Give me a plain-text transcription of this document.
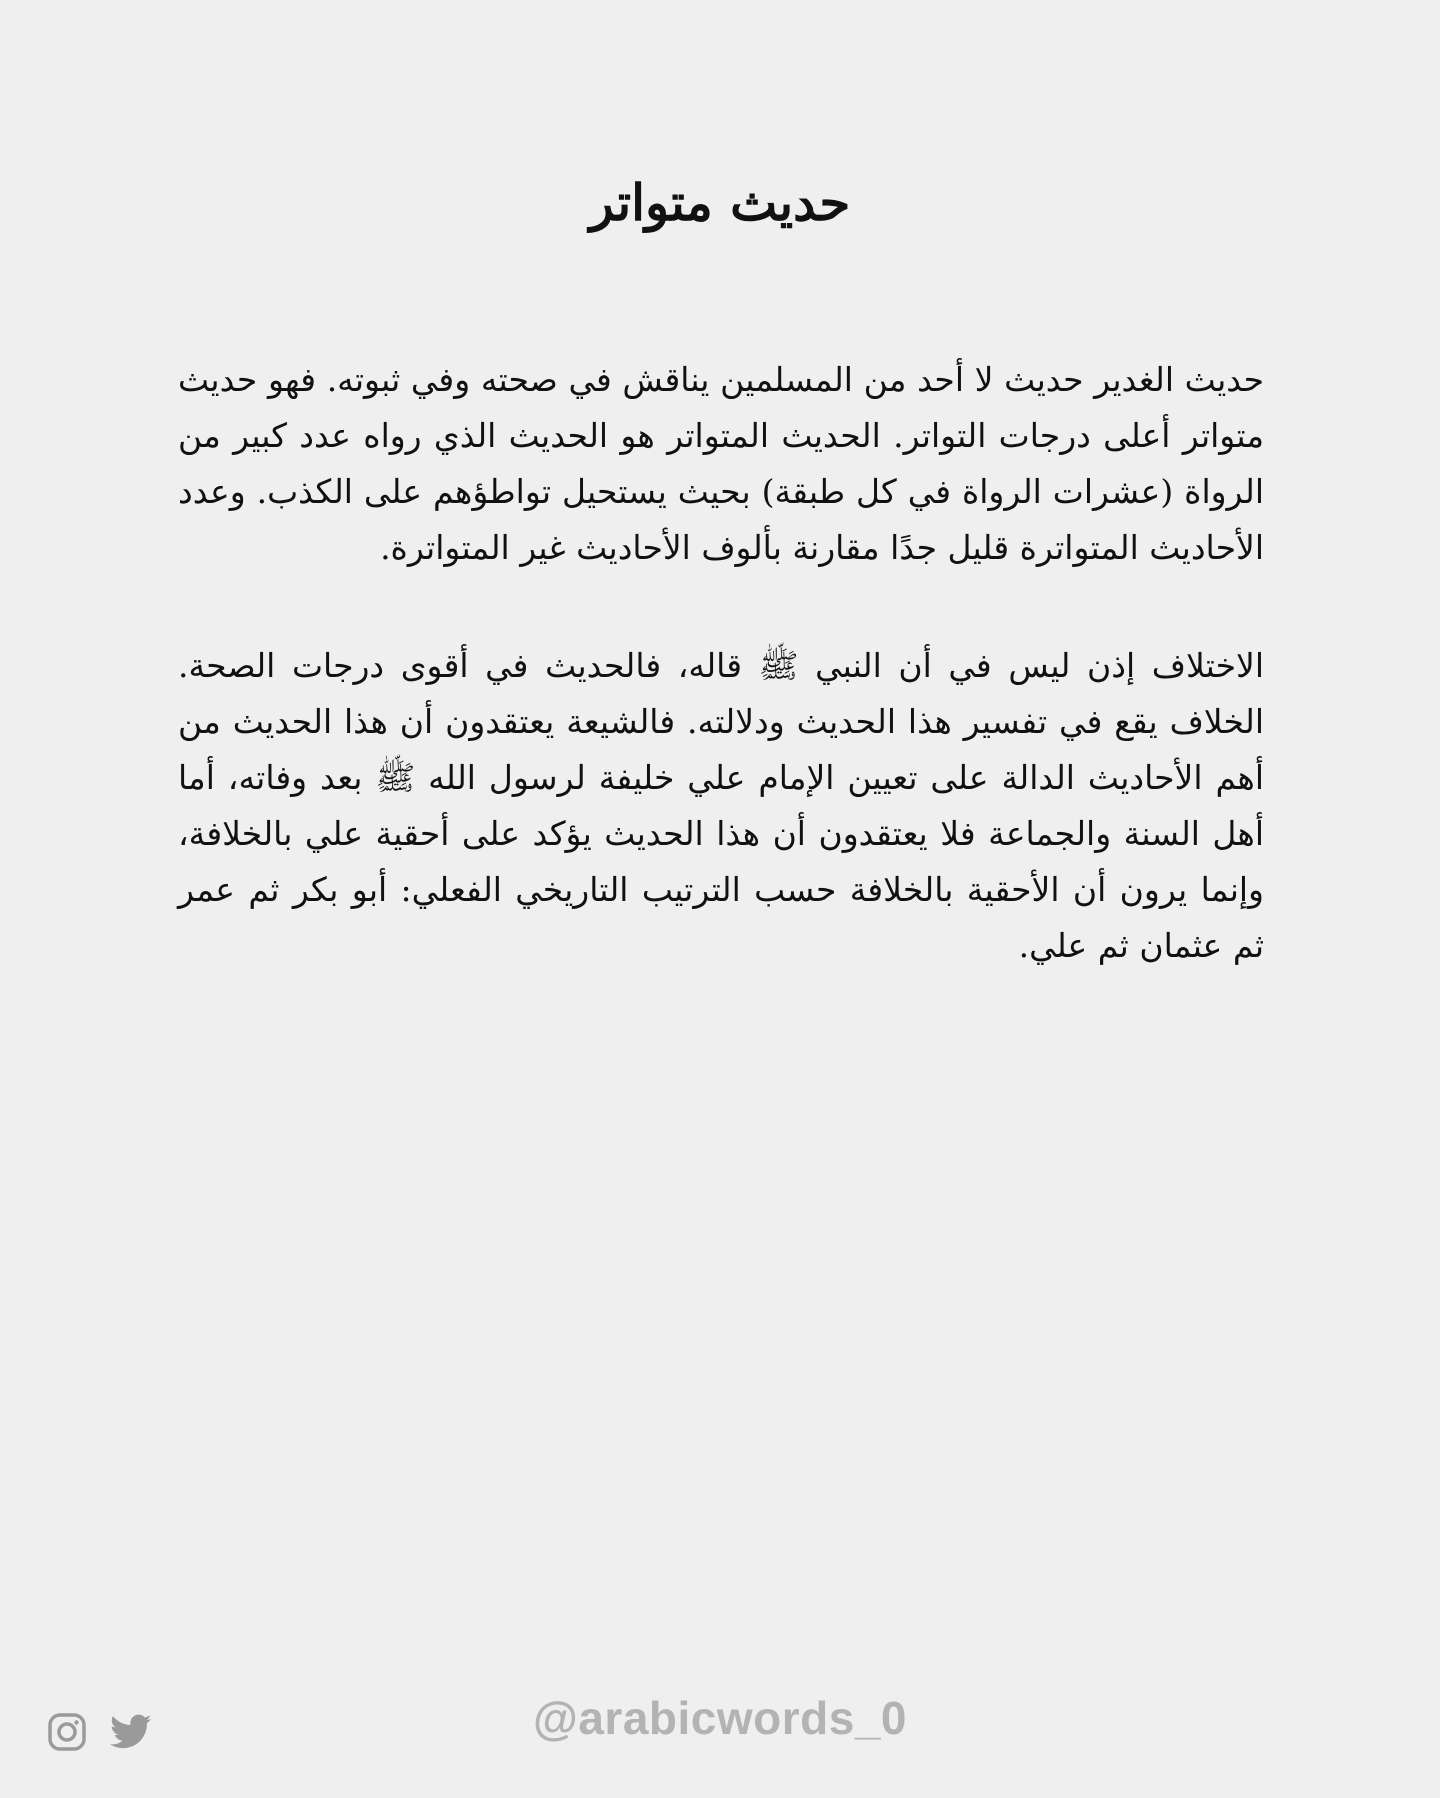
حديث متواتر

حديث الغدير حديث لا أحد من المسلمين يناقش في صحته وفي ثبوته. فهو حديث متواتر أعلى درجات التواتر. الحديث المتواتر هو الحديث الذي رواه عدد كبير من الرواة (عشرات الرواة في كل طبقة) بحيث يستحيل تواطؤهم على الكذب. وعدد الأحاديث المتواترة قليل جدًا مقارنة بألوف الأحاديث غير المتواترة.

الاختلاف إذن ليس في أن النبي ﷺ قاله، فالحديث في أقوى درجات الصحة. الخلاف يقع في تفسير هذا الحديث ودلالته. فالشيعة يعتقدون أن هذا الحديث من أهم الأحاديث الدالة على تعيين الإمام علي خليفة لرسول الله ﷺ بعد وفاته، أما أهل السنة والجماعة فلا يعتقدون أن هذا الحديث يؤكد على أحقية علي بالخلافة، وإنما يرون أن الأحقية بالخلافة حسب الترتيب التاريخي الفعلي: أبو بكر ثم عمر ثم عثمان ثم علي.

@arabicwords_0
